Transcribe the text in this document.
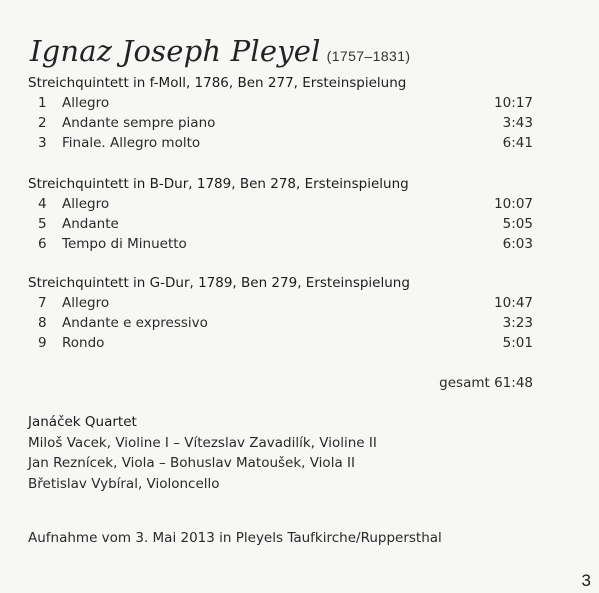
Ignaz Joseph Pleyel (1757–1831)
Streichquintett in f-Moll, 1786, Ben 277, Ersteinspielung
1	Allegro	10:17
2	Andante sempre piano	3:43
3	Finale. Allegro molto	6:41
Streichquintett in B-Dur, 1789, Ben 278, Ersteinspielung
4	Allegro	10:07
5	Andante	5:05
6	Tempo di Minuetto	6:03
Streichquintett in G-Dur, 1789, Ben 279, Ersteinspielung
7	Allegro	10:47
8	Andante e expressivo	3:23
9	Rondo	5:01
gesamt 61:48
Janáček Quartet
Miloš Vacek, Violine I – Vítezslav Zavadilík, Violine II
Jan Reznícek, Viola – Bohuslav Matoušek, Viola II
Břetislav Vybíral, Violoncello
Aufnahme vom 3. Mai 2013 in Pleyels Taufkirche/Ruppersthal
3
